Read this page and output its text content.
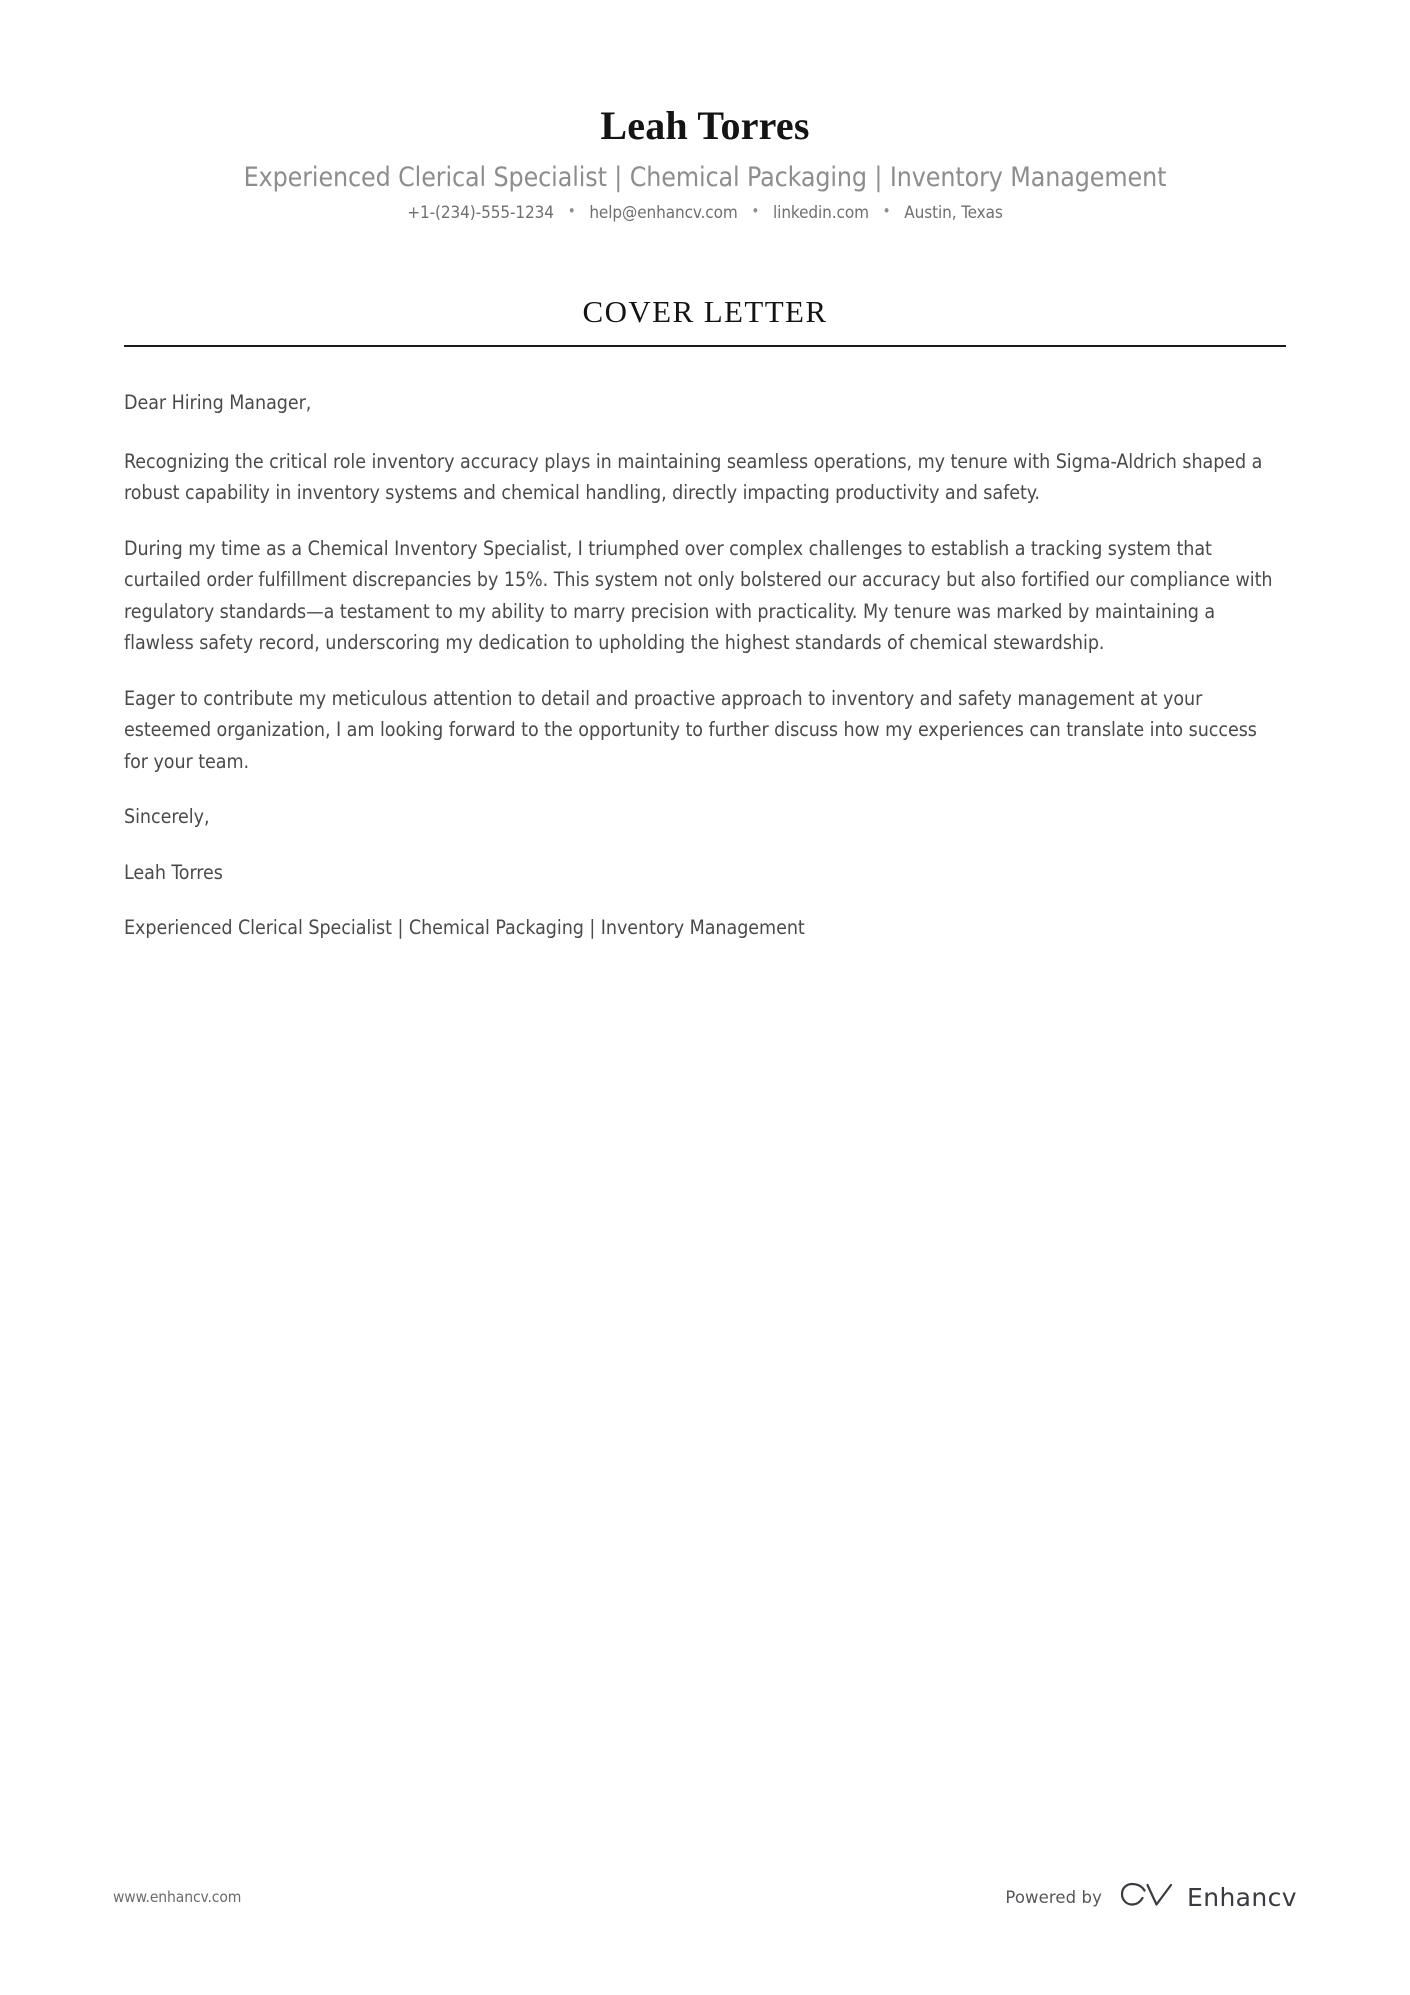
Leah Torres
Experienced Clerical Specialist | Chemical Packaging | Inventory Management
+1-(234)-555-1234 • help@enhancv.com • linkedin.com • Austin, Texas
COVER LETTER

Dear Hiring Manager,

Recognizing the critical role inventory accuracy plays in maintaining seamless operations, my tenure with Sigma-Aldrich shaped a robust capability in inventory systems and chemical handling, directly impacting productivity and safety.

During my time as a Chemical Inventory Specialist, I triumphed over complex challenges to establish a tracking system that curtailed order fulfillment discrepancies by 15%. This system not only bolstered our accuracy but also fortified our compliance with regulatory standards—a testament to my ability to marry precision with practicality. My tenure was marked by maintaining a flawless safety record, underscoring my dedication to upholding the highest standards of chemical stewardship.

Eager to contribute my meticulous attention to detail and proactive approach to inventory and safety management at your esteemed organization, I am looking forward to the opportunity to further discuss how my experiences can translate into success for your team.

Sincerely,

Leah Torres

Experienced Clerical Specialist | Chemical Packaging | Inventory Management

www.enhancv.com	Powered by	Enhancv
